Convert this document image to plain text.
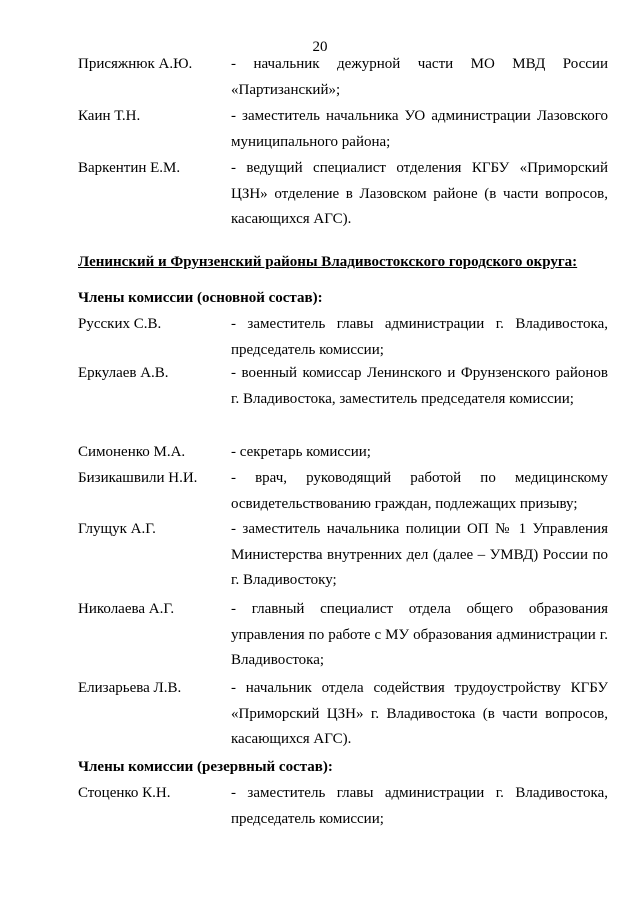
20
Присяжнюк А.Ю.	- начальник дежурной части МО МВД России «Партизанский»;
Каин Т.Н.	- заместитель начальника УО администрации Лазовского муниципального района;
Варкентин Е.М.	- ведущий специалист отделения КГБУ «Приморский ЦЗН» отделение в Лазовском районе (в части вопросов, касающихся АГС).
Ленинский и Фрунзенский районы Владивостокского городского округа:
Члены комиссии (основной состав):
Русских С.В.	- заместитель главы администрации г. Владивостока, председатель комиссии;
Еркулаев А.В.	- военный комиссар Ленинского и Фрунзенского районов г. Владивостока, заместитель председателя комиссии;
Симоненко М.А.	- секретарь комиссии;
Бизикашвили Н.И.	- врач, руководящий работой по медицинскому освидетельствованию граждан, подлежащих призыву;
Глущук А.Г.	- заместитель начальника полиции ОП № 1 Управления Министерства внутренних дел (далее – УМВД) России по г. Владивостоку;
Николаева А.Г.	- главный специалист отдела общего образования управления по работе с МУ образования администрации г. Владивостока;
Елизарьева Л.В.	- начальник отдела содействия трудоустройству КГБУ «Приморский ЦЗН» г. Владивостока (в части вопросов, касающихся АГС).
Члены комиссии (резервный состав):
Стоценко К.Н.	- заместитель главы администрации г. Владивостока, председатель комиссии;
